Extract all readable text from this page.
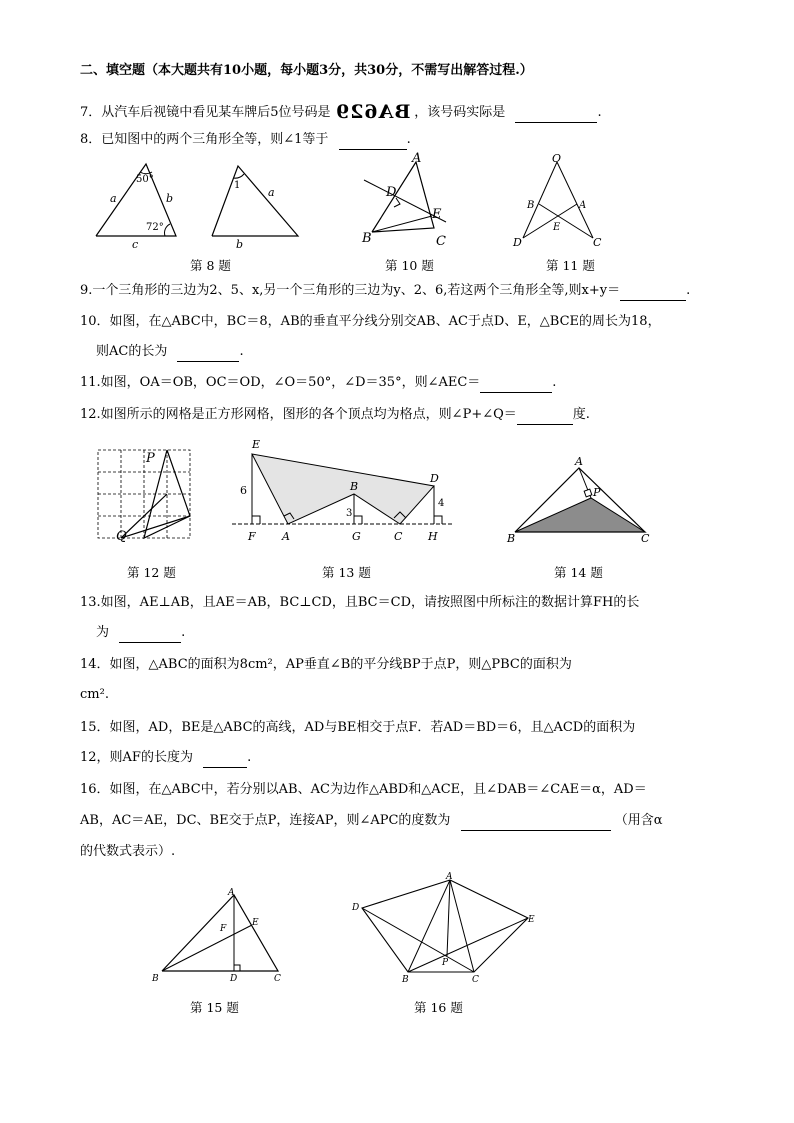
二、填空题（本大题共有10小题，每小题3分，共30分，不需写出解答过程.）
7．从汽车后视镜中看见某车牌后5位号码是 BA629 ，该号码实际是	.
8．已知图中的两个三角形全等，则∠1等于	.
50°
72°
a	b
c
1
a
b
A
D
E
B	C
O
B	A
E
D	C
第 8 题	第 10 题	第 11 题
9.一个三角形的三边为2、5、x,另一个三角形的三边为y、2、6,若这两个三角形全等,则x+y＝	.
10．如图，在△ABC中，BC＝8，AB的垂直平分线分别交AB、AC于点D、E，△BCE的周长为18，
则AC的长为	.
11.如图，OA＝OB，OC＝OD，∠O＝50°，∠D＝35°，则∠AEC＝	.
12.如图所示的网格是正方形网格，图形的各个顶点均为格点，则∠P+∠Q＝	度.
P
Q
E
D
B
6
3
4
F A	G	C H
A
P
B	C
第 12 题	第 13 题	第 14 题
13.如图，AE⊥AB，且AE＝AB，BC⊥CD，且BC＝CD，请按照图中所标注的数据计算FH的长
为	.
14．如图，△ABC的面积为8cm²，AP垂直∠B的平分线BP于点P，则△PBC的面积为
cm².
15．如图，AD，BE是△ABC的高线，AD与BE相交于点F．若AD＝BD＝6，且△ACD的面积为
12，则AF的长度为	.
16．如图，在△ABC中，若分别以AB、AC为边作△ABD和△ACE，且∠DAB＝∠CAE＝α，AD＝
AB，AC＝AE，DC、BE交于点P，连接AP，则∠APC的度数为	（用含α
的代数式表示）.
A
E
F
B	D	C
A
D
E
B
P
C
第 15 题	第 16 题
